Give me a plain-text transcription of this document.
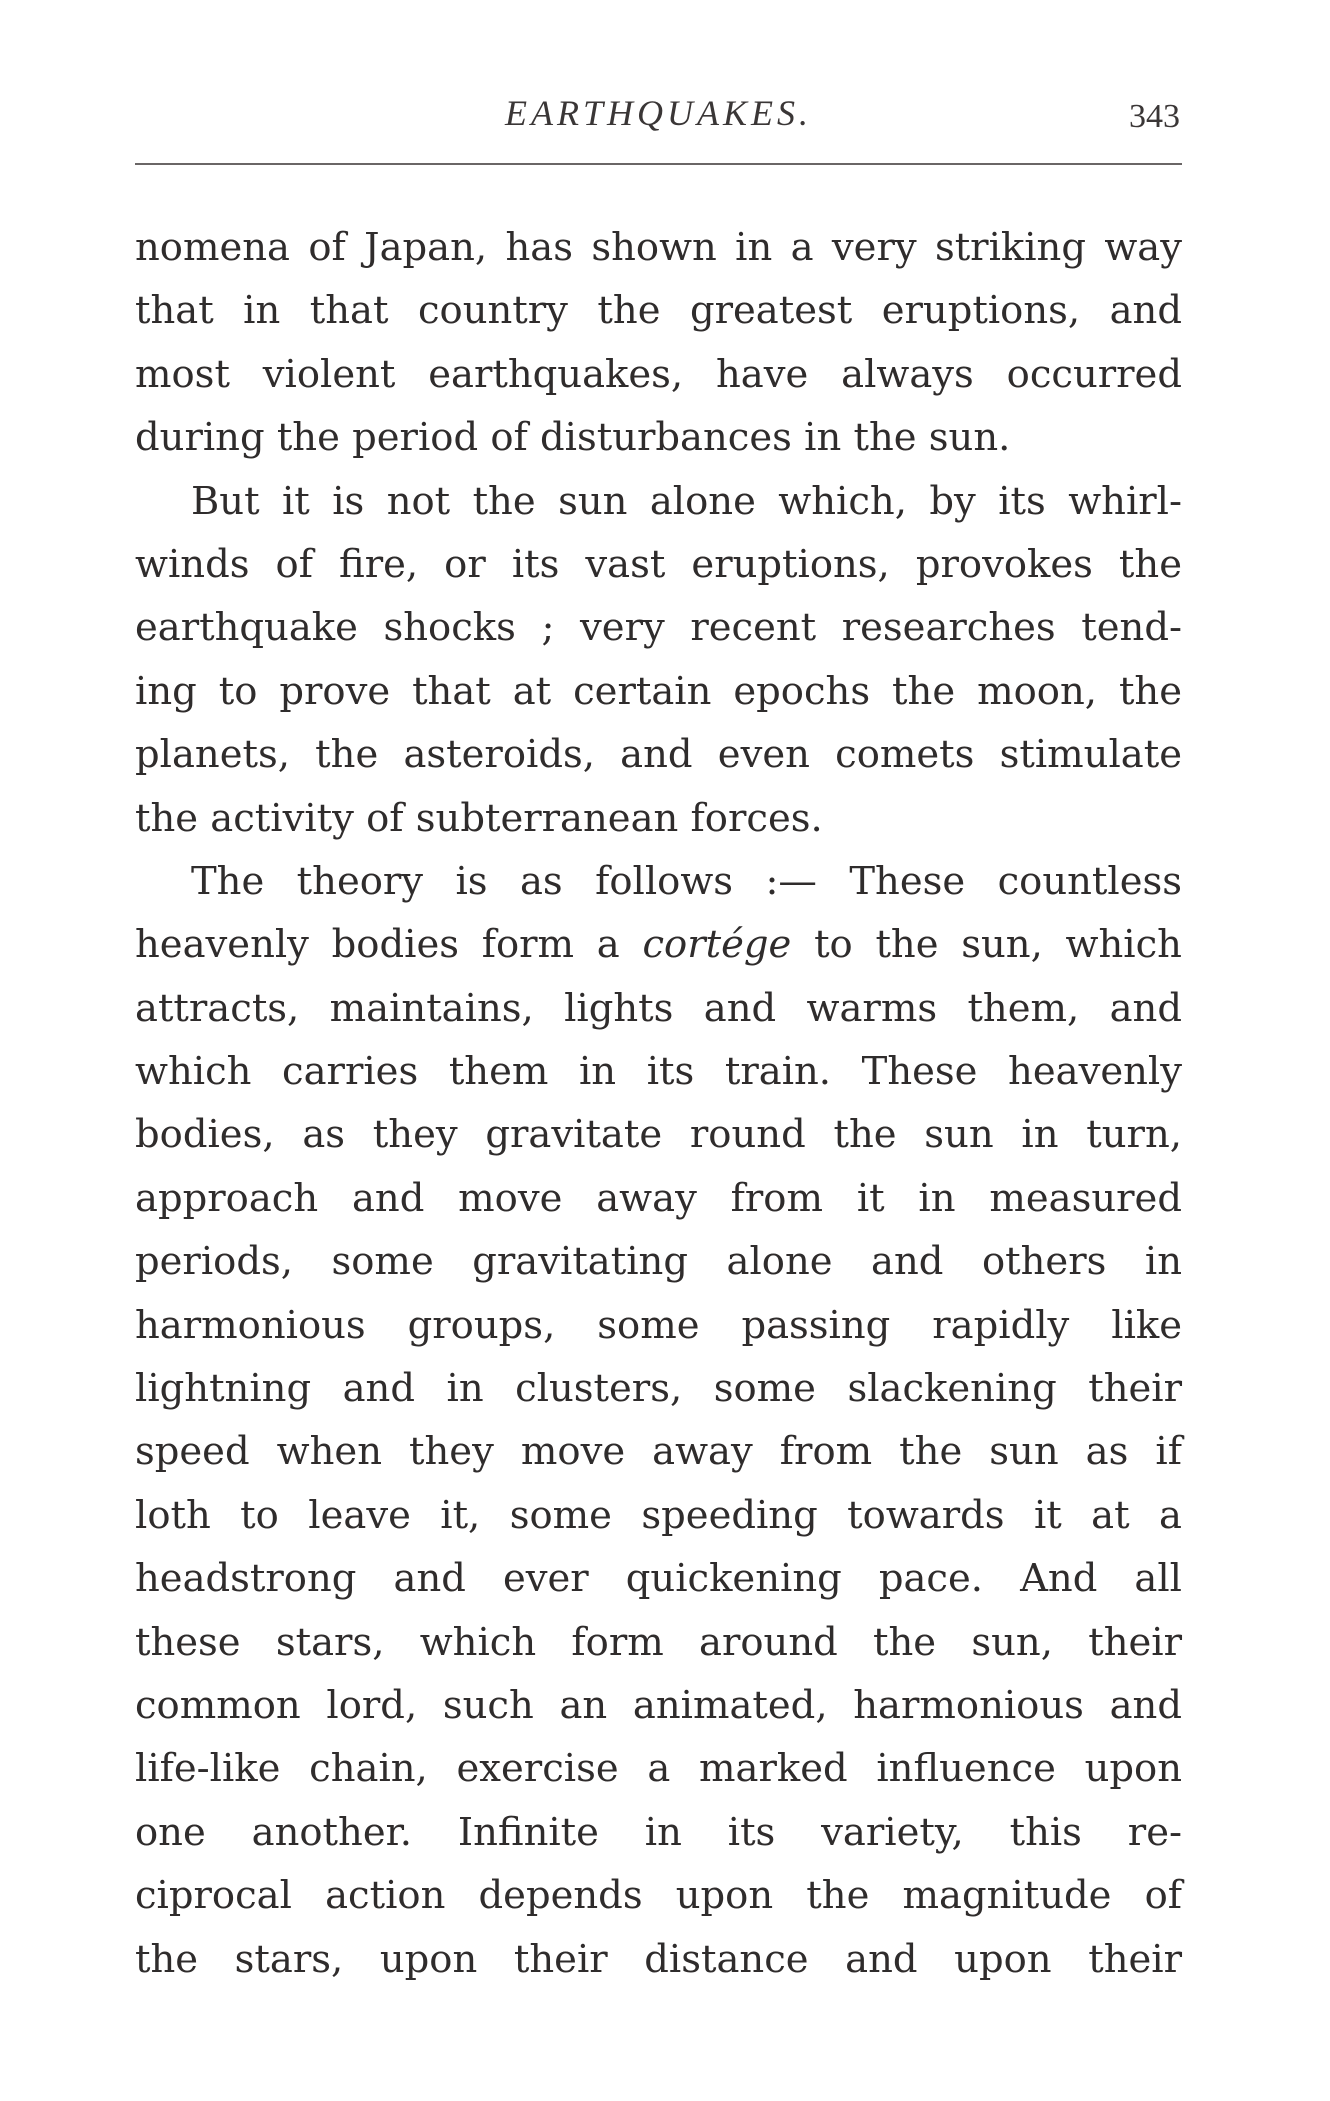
EARTHQUAKES.	343
nomena of Japan, has shown in a very striking way
that in that country the greatest eruptions, and
most violent earthquakes, have always occurred
during the period of disturbances in the sun.
But it is not the sun alone which, by its whirl-
winds of fire, or its vast eruptions, provokes the
earthquake shocks ; very recent researches tend-
ing to prove that at certain epochs the moon, the
planets, the asteroids, and even comets stimulate
the activity of subterranean forces.
The theory is as follows :— These countless
heavenly bodies form a cortége to the sun, which
attracts, maintains, lights and warms them, and
which carries them in its train. These heavenly
bodies, as they gravitate round the sun in turn,
approach and move away from it in measured
periods, some gravitating alone and others in
harmonious groups, some passing rapidly like
lightning and in clusters, some slackening their
speed when they move away from the sun as if
loth to leave it, some speeding towards it at a
headstrong and ever quickening pace. And all
these stars, which form around the sun, their
common lord, such an animated, harmonious and
life-like chain, exercise a marked influence upon
one another. Infinite in its variety, this re-
ciprocal action depends upon the magnitude of
the stars, upon their distance and upon their
